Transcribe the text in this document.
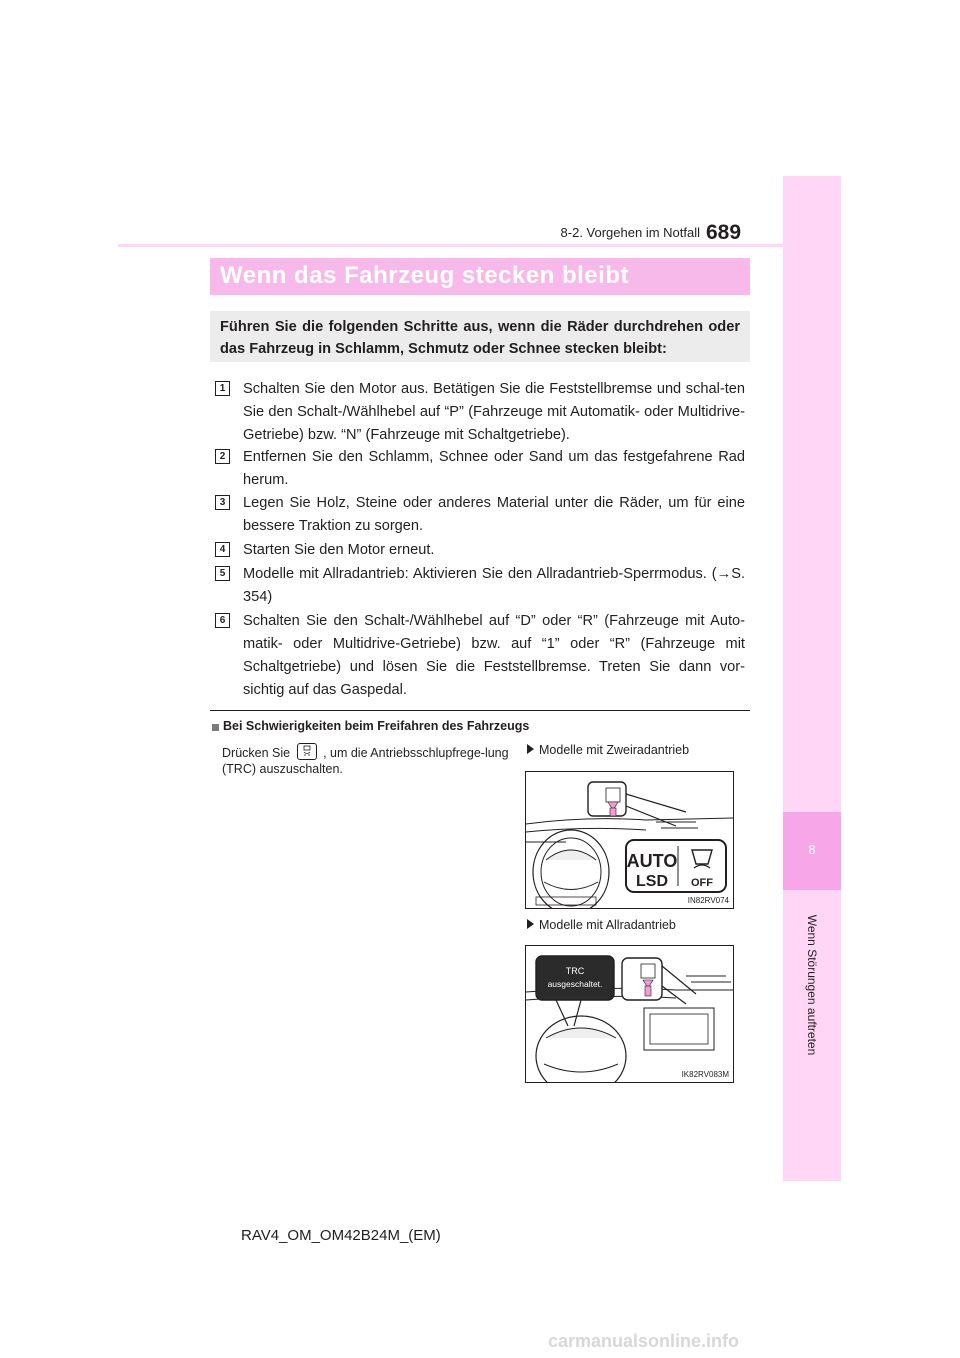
8
Wenn Störungen auftreten
8-2. Vorgehen im Notfall 689
Wenn das Fahrzeug stecken bleibt
Führen Sie die folgenden Schritte aus, wenn die Räder durchdrehen oder das Fahrzeug in Schlamm, Schmutz oder Schnee stecken bleibt:
1	Schalten Sie den Motor aus. Betätigen Sie die Feststellbremse und schal-ten Sie den Schalt-/Wählhebel auf “P” (Fahrzeuge mit Automatik- oder Multidrive-Getriebe) bzw. “N” (Fahrzeuge mit Schaltgetriebe).
2	Entfernen Sie den Schlamm, Schnee oder Sand um das festgefahrene Rad herum.
3	Legen Sie Holz, Steine oder anderes Material unter die Räder, um für eine bessere Traktion zu sorgen.
4	Starten Sie den Motor erneut.
5	Modelle mit Allradantrieb: Aktivieren Sie den Allradantrieb-Sperrmodus. (→S. 354)
6	Schalten Sie den Schalt-/Wählhebel auf “D” oder “R” (Fahrzeuge mit Auto-matik- oder Multidrive-Getriebe) bzw. auf “1” oder “R” (Fahrzeuge mit Schaltgetriebe) und lösen Sie die Feststellbremse. Treten Sie dann vor-sichtig auf das Gaspedal.
Bei Schwierigkeiten beim Freifahren des Fahrzeugs
Drücken Sie	, um die Antriebsschlupfrege-lung (TRC) auszuschalten.
Modelle mit Zweiradantrieb
AUTO
LSD OFF
IN82RV074
Modelle mit Allradantrieb
TRC
ausgeschaltet.
IK82RV083M
RAV4_OM_OM42B24M_(EM)
carmanualsonline.info
